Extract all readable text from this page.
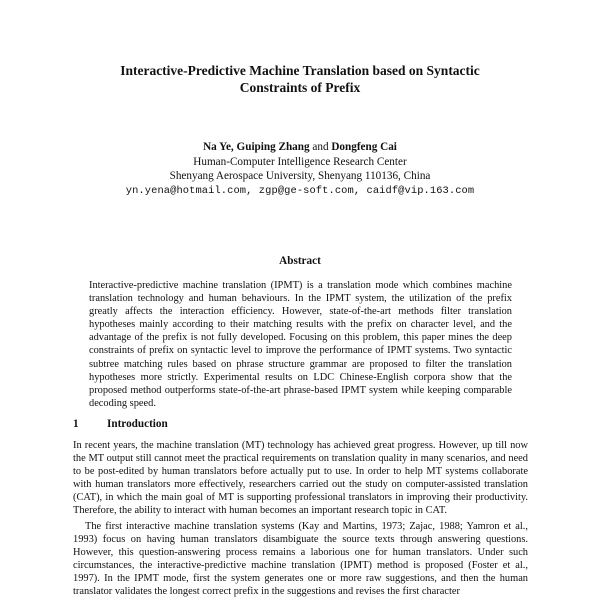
Interactive-Predictive Machine Translation based on Syntactic
Constraints of Prefix
Na Ye, Guiping Zhang and Dongfeng Cai
Human-Computer Intelligence Research Center
Shenyang Aerospace University, Shenyang 110136, China
yn.yena@hotmail.com, zgp@ge-soft.com, caidf@vip.163.com
Abstract

Interactive-predictive machine translation (IPMT) is a translation mode which combines machine translation technology and human behaviours. In the IPMT system, the utilization of the prefix greatly affects the interaction efficiency. However, state-of-the-art methods filter translation hypotheses mainly according to their matching results with the prefix on character level, and the advantage of the prefix is not fully developed. Focusing on this problem, this paper mines the deep constraints of prefix on syntactic level to improve the performance of IPMT systems. Two syntactic subtree matching rules based on phrase structure grammar are proposed to filter the translation hypotheses more strictly. Experimental results on LDC Chinese-English corpora show that the proposed method outperforms state-of-the-art phrase-based IPMT system while keeping comparable decoding speed.

1	Introduction

In recent years, the machine translation (MT) technology has achieved great progress. However, up till now the MT output still cannot meet the practical requirements on translation quality in many scenarios, and need to be post-edited by human translators before actually put to use. In order to help MT systems collaborate with human translators more effectively, researchers carried out the study on computer-assisted translation (CAT), in which the main goal of MT is supporting professional translators in improving their productivity. Therefore, the ability to interact with human becomes an important research topic in CAT.

The first interactive machine translation systems (Kay and Martins, 1973; Zajac, 1988; Yamron et al., 1993) focus on having human translators disambiguate the source texts through answering questions. However, this question-answering process remains a laborious one for human translators. Under such circumstances, the interactive-predictive machine translation (IPMT) method is proposed (Foster et al., 1997). In the IPMT mode, first the system generates one or more raw suggestions, and then the human translator validates the longest correct prefix in the suggestions and revises the first character
